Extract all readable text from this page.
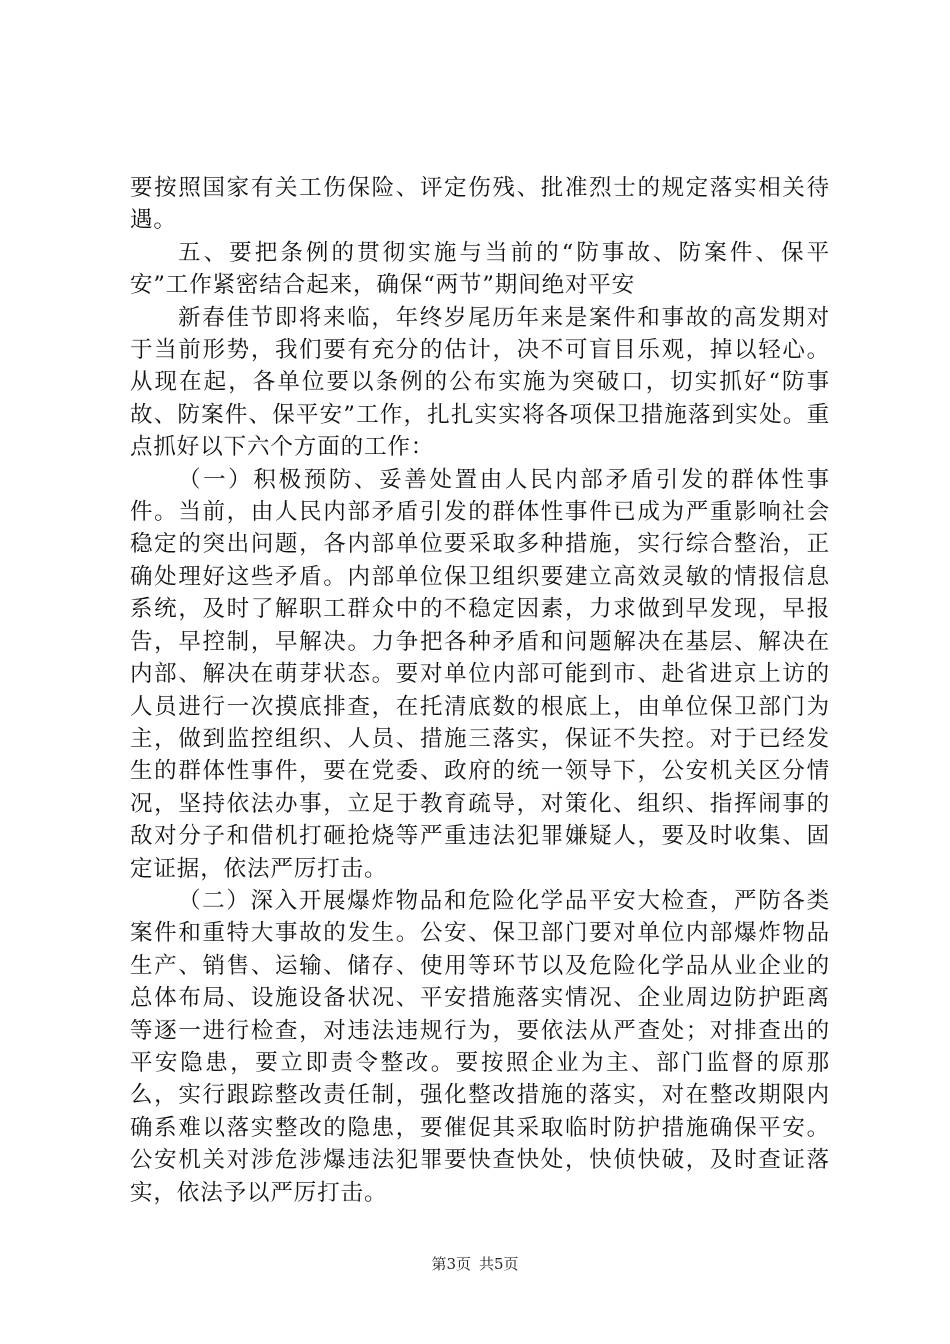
要按照国家有关工伤保险、评定伤残、批准烈士的规定落实相关待遇。

五、要把条例的贯彻实施与当前的“防事故、防案件、保平安”工作紧密结合起来，确保“两节”期间绝对平安

新春佳节即将来临，年终岁尾历年来是案件和事故的高发期对于当前形势，我们要有充分的估计，决不可盲目乐观，掉以轻心。从现在起，各单位要以条例的公布实施为突破口，切实抓好“防事故、防案件、保平安”工作，扎扎实实将各项保卫措施落到实处。重点抓好以下六个方面的工作：

（一）积极预防、妥善处置由人民内部矛盾引发的群体性事件。当前，由人民内部矛盾引发的群体性事件已成为严重影响社会稳定的突出问题，各内部单位要采取多种措施，实行综合整治，正确处理好这些矛盾。内部单位保卫组织要建立高效灵敏的情报信息系统，及时了解职工群众中的不稳定因素，力求做到早发现，早报告，早控制，早解决。力争把各种矛盾和问题解决在基层、解决在内部、解决在萌芽状态。要对单位内部可能到市、赴省进京上访的人员进行一次摸底排查，在托清底数的根底上，由单位保卫部门为主，做到监控组织、人员、措施三落实，保证不失控。对于已经发生的群体性事件，要在党委、政府的统一领导下，公安机关区分情况，坚持依法办事，立足于教育疏导，对策化、组织、指挥闹事的敌对分子和借机打砸抢烧等严重违法犯罪嫌疑人，要及时收集、固定证据，依法严厉打击。

（二）深入开展爆炸物品和危险化学品平安大检查，严防各类案件和重特大事故的发生。公安、保卫部门要对单位内部爆炸物品生产、销售、运输、储存、使用等环节以及危险化学品从业企业的总体布局、设施设备状况、平安措施落实情况、企业周边防护距离等逐一进行检查，对违法违规行为，要依法从严查处；对排查出的平安隐患，要立即责令整改。要按照企业为主、部门监督的原那么，实行跟踪整改责任制，强化整改措施的落实，对在整改期限内确系难以落实整改的隐患，要催促其采取临时防护措施确保平安。公安机关对涉危涉爆违法犯罪要快查快处，快侦快破，及时查证落实，依法予以严厉打击。

第3页 共5页
